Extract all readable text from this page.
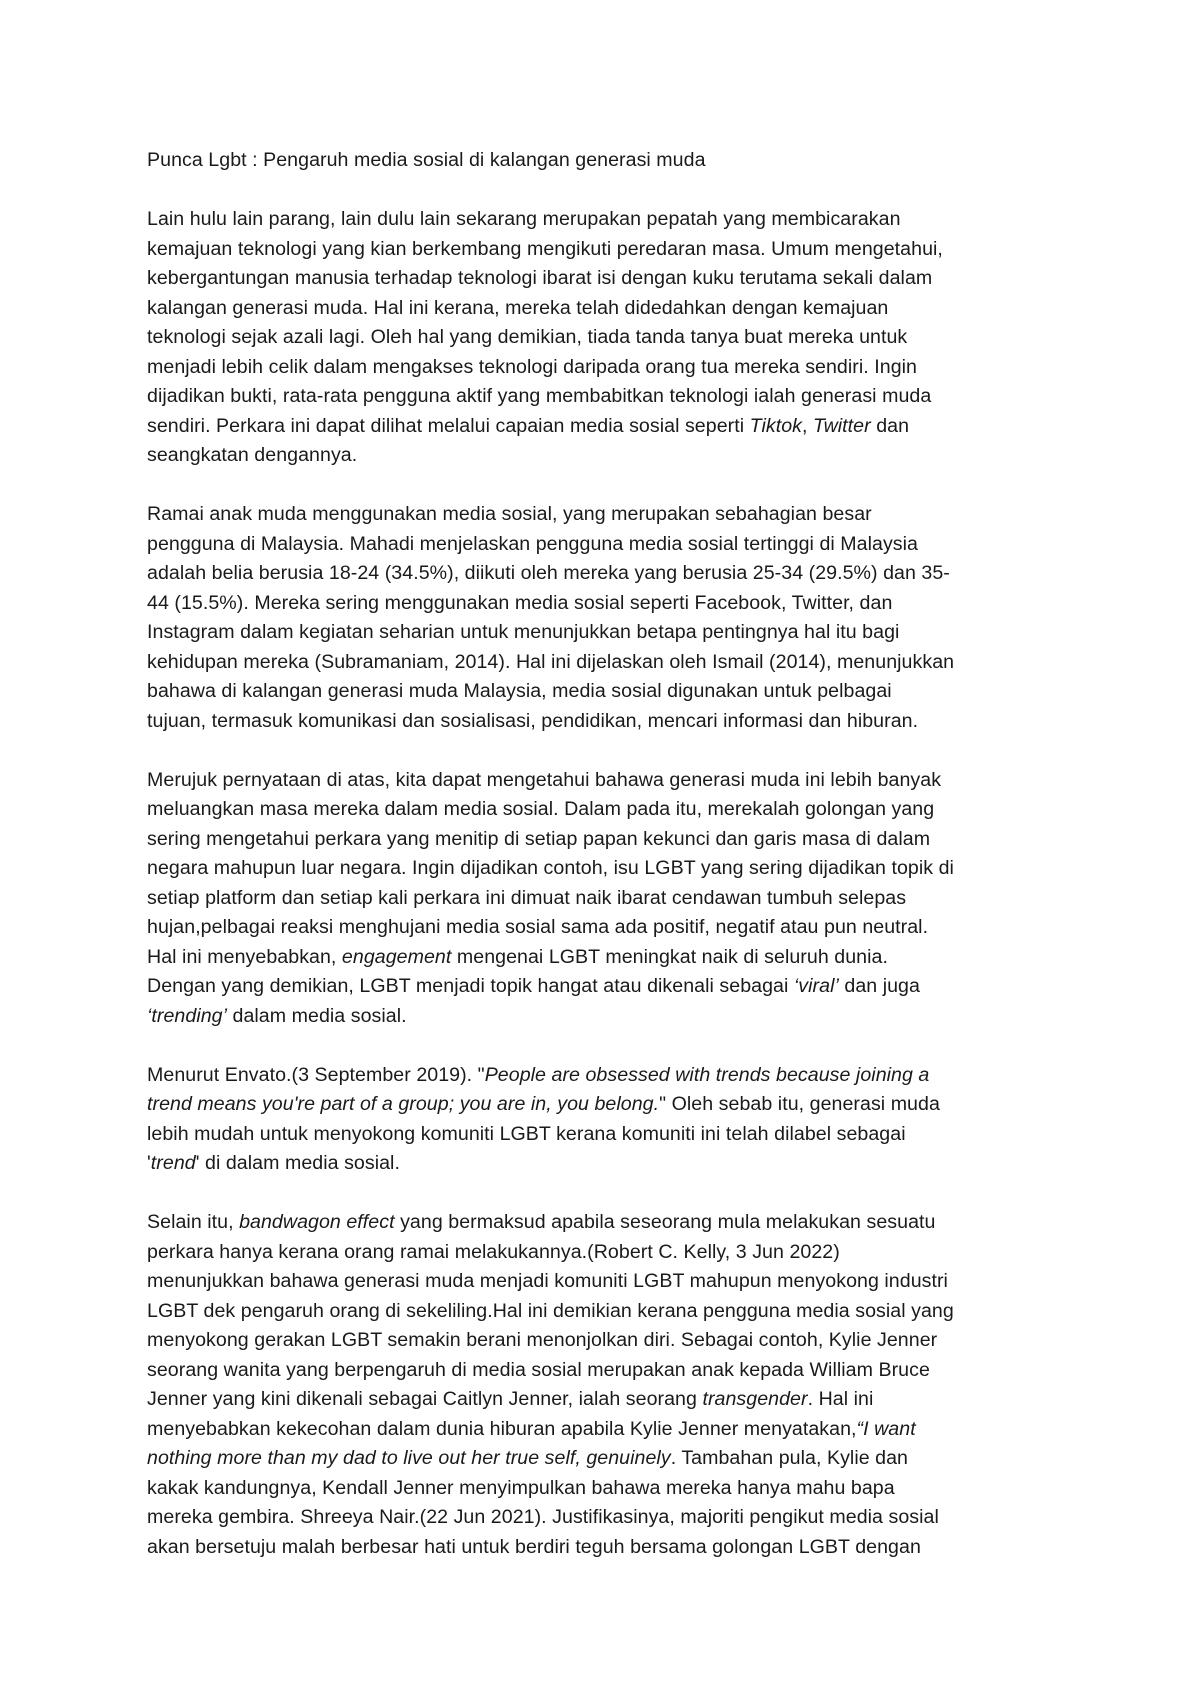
Punca Lgbt : Pengaruh media sosial di kalangan generasi muda
Lain hulu lain parang, lain dulu lain sekarang merupakan pepatah yang membicarakan
kemajuan teknologi yang kian berkembang mengikuti peredaran masa. Umum mengetahui,
kebergantungan manusia terhadap teknologi ibarat isi dengan kuku terutama sekali dalam
kalangan generasi muda. Hal ini kerana, mereka telah didedahkan dengan kemajuan
teknologi sejak azali lagi. Oleh hal yang demikian, tiada tanda tanya buat mereka untuk
menjadi lebih celik dalam mengakses teknologi daripada orang tua mereka sendiri. Ingin
dijadikan bukti, rata-rata pengguna aktif yang membabitkan teknologi ialah generasi muda
sendiri. Perkara ini dapat dilihat melalui capaian media sosial seperti Tiktok, Twitter dan
seangkatan dengannya.
Ramai anak muda menggunakan media sosial, yang merupakan sebahagian besar
pengguna di Malaysia. Mahadi menjelaskan pengguna media sosial tertinggi di Malaysia
adalah belia berusia 18-24 (34.5%), diikuti oleh mereka yang berusia 25-34 (29.5%) dan 35-
44 (15.5%). Mereka sering menggunakan media sosial seperti Facebook, Twitter, dan
Instagram dalam kegiatan seharian untuk menunjukkan betapa pentingnya hal itu bagi
kehidupan mereka (Subramaniam, 2014). Hal ini dijelaskan oleh Ismail (2014), menunjukkan
bahawa di kalangan generasi muda Malaysia, media sosial digunakan untuk pelbagai
tujuan, termasuk komunikasi dan sosialisasi, pendidikan, mencari informasi dan hiburan.
Merujuk pernyataan di atas, kita dapat mengetahui bahawa generasi muda ini lebih banyak
meluangkan masa mereka dalam media sosial. Dalam pada itu, merekalah golongan yang
sering mengetahui perkara yang menitip di setiap papan kekunci dan garis masa di dalam
negara mahupun luar negara. Ingin dijadikan contoh, isu LGBT yang sering dijadikan topik di
setiap platform dan setiap kali perkara ini dimuat naik ibarat cendawan tumbuh selepas
hujan,pelbagai reaksi menghujani media sosial sama ada positif, negatif atau pun neutral.
Hal ini menyebabkan, engagement mengenai LGBT meningkat naik di seluruh dunia.
Dengan yang demikian, LGBT menjadi topik hangat atau dikenali sebagai ‘viral’ dan juga
‘trending’ dalam media sosial.
Menurut Envato.(3 September 2019). "People are obsessed with trends because joining a
trend means you're part of a group; you are in, you belong." Oleh sebab itu, generasi muda
lebih mudah untuk menyokong komuniti LGBT kerana komuniti ini telah dilabel sebagai
'trend' di dalam media sosial.
Selain itu, bandwagon effect yang bermaksud apabila seseorang mula melakukan sesuatu
perkara hanya kerana orang ramai melakukannya.(Robert C. Kelly, 3 Jun 2022)
menunjukkan bahawa generasi muda menjadi komuniti LGBT mahupun menyokong industri
LGBT dek pengaruh orang di sekeliling.Hal ini demikian kerana pengguna media sosial yang
menyokong gerakan LGBT semakin berani menonjolkan diri. Sebagai contoh, Kylie Jenner
seorang wanita yang berpengaruh di media sosial merupakan anak kepada William Bruce
Jenner yang kini dikenali sebagai Caitlyn Jenner, ialah seorang transgender. Hal ini
menyebabkan kekecohan dalam dunia hiburan apabila Kylie Jenner menyatakan,“I want
nothing more than my dad to live out her true self, genuinely. Tambahan pula, Kylie dan
kakak kandungnya, Kendall Jenner menyimpulkan bahawa mereka hanya mahu bapa
mereka gembira. Shreeya Nair.(22 Jun 2021). Justifikasinya, majoriti pengikut media sosial
akan bersetuju malah berbesar hati untuk berdiri teguh bersama golongan LGBT dengan
